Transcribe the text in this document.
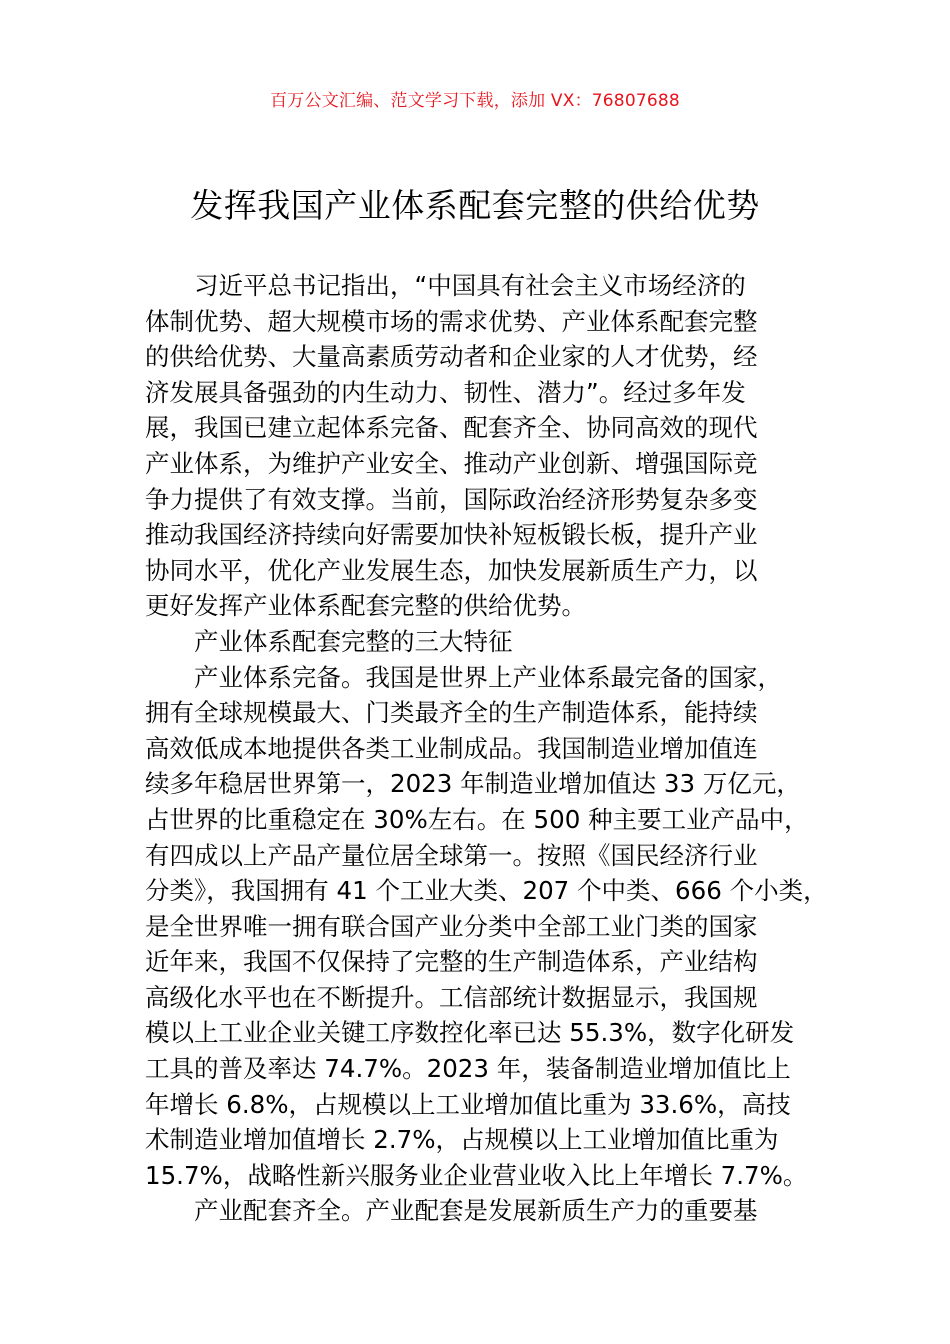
百万公文汇编、范文学习下载，添加 VX：76807688
发挥我国产业体系配套完整的供给优势
习近平总书记指出，“中国具有社会主义市场经济的
体制优势、超大规模市场的需求优势、产业体系配套完整
的供给优势、大量高素质劳动者和企业家的人才优势，经
济发展具备强劲的内生动力、韧性、潜力”。经过多年发
展，我国已建立起体系完备、配套齐全、协同高效的现代
产业体系，为维护产业安全、推动产业创新、增强国际竞
争力提供了有效支撑。当前，国际政治经济形势复杂多变
推动我国经济持续向好需要加快补短板锻长板，提升产业
协同水平，优化产业发展生态，加快发展新质生产力，以
更好发挥产业体系配套完整的供给优势。
产业体系配套完整的三大特征
产业体系完备。我国是世界上产业体系最完备的国家，
拥有全球规模最大、门类最齐全的生产制造体系，能持续
高效低成本地提供各类工业制成品。我国制造业增加值连
续多年稳居世界第一，2023 年制造业增加值达 33 万亿元，
占世界的比重稳定在 30%左右。在 500 种主要工业产品中，
有四成以上产品产量位居全球第一。按照《国民经济行业
分类》，我国拥有 41 个工业大类、207 个中类、666 个小类，
是全世界唯一拥有联合国产业分类中全部工业门类的国家
近年来，我国不仅保持了完整的生产制造体系，产业结构
高级化水平也在不断提升。工信部统计数据显示，我国规
模以上工业企业关键工序数控化率已达 55.3%，数字化研发
工具的普及率达 74.7%。2023 年，装备制造业增加值比上
年增长 6.8%，占规模以上工业增加值比重为 33.6%，高技
术制造业增加值增长 2.7%，占规模以上工业增加值比重为
15.7%，战略性新兴服务业企业营业收入比上年增长 7.7%。
产业配套齐全。产业配套是发展新质生产力的重要基
